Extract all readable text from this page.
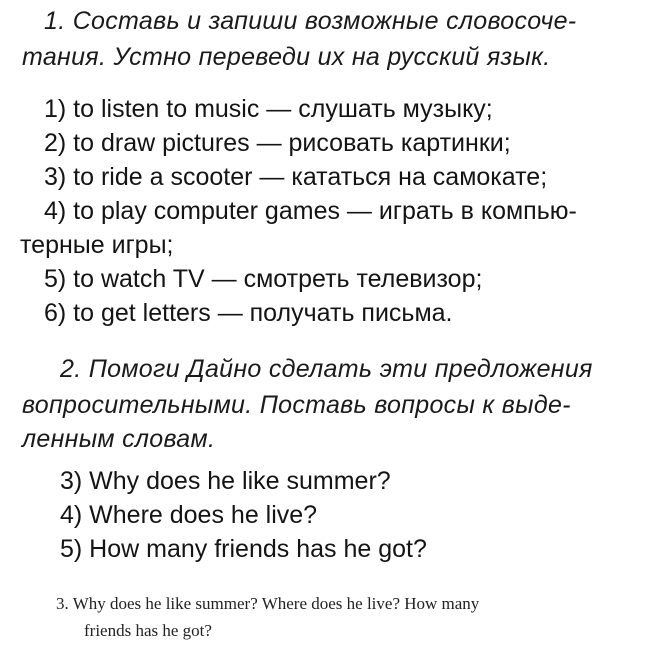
1. Составь и запиши возможные словосоче-
тания. Устно переведи их на русский язык.
1) to listen to music — слушать музыку;
2) to draw pictures — рисовать картинки;
3) to ride a scooter — кататься на самокате;
4) to play computer games — играть в компью-
терные игры;
5) to watch TV — смотреть телевизор;
6) to get letters — получать письма.
2. Помоги Дайно сделать эти предложения
вопросительными. Поставь вопросы к выде-
ленным словам.
3) Why does he like summer?
4) Where does he live?
5) How many friends has he got?
3. Why does he like summer? Where does he live? How many
friends has he got?
